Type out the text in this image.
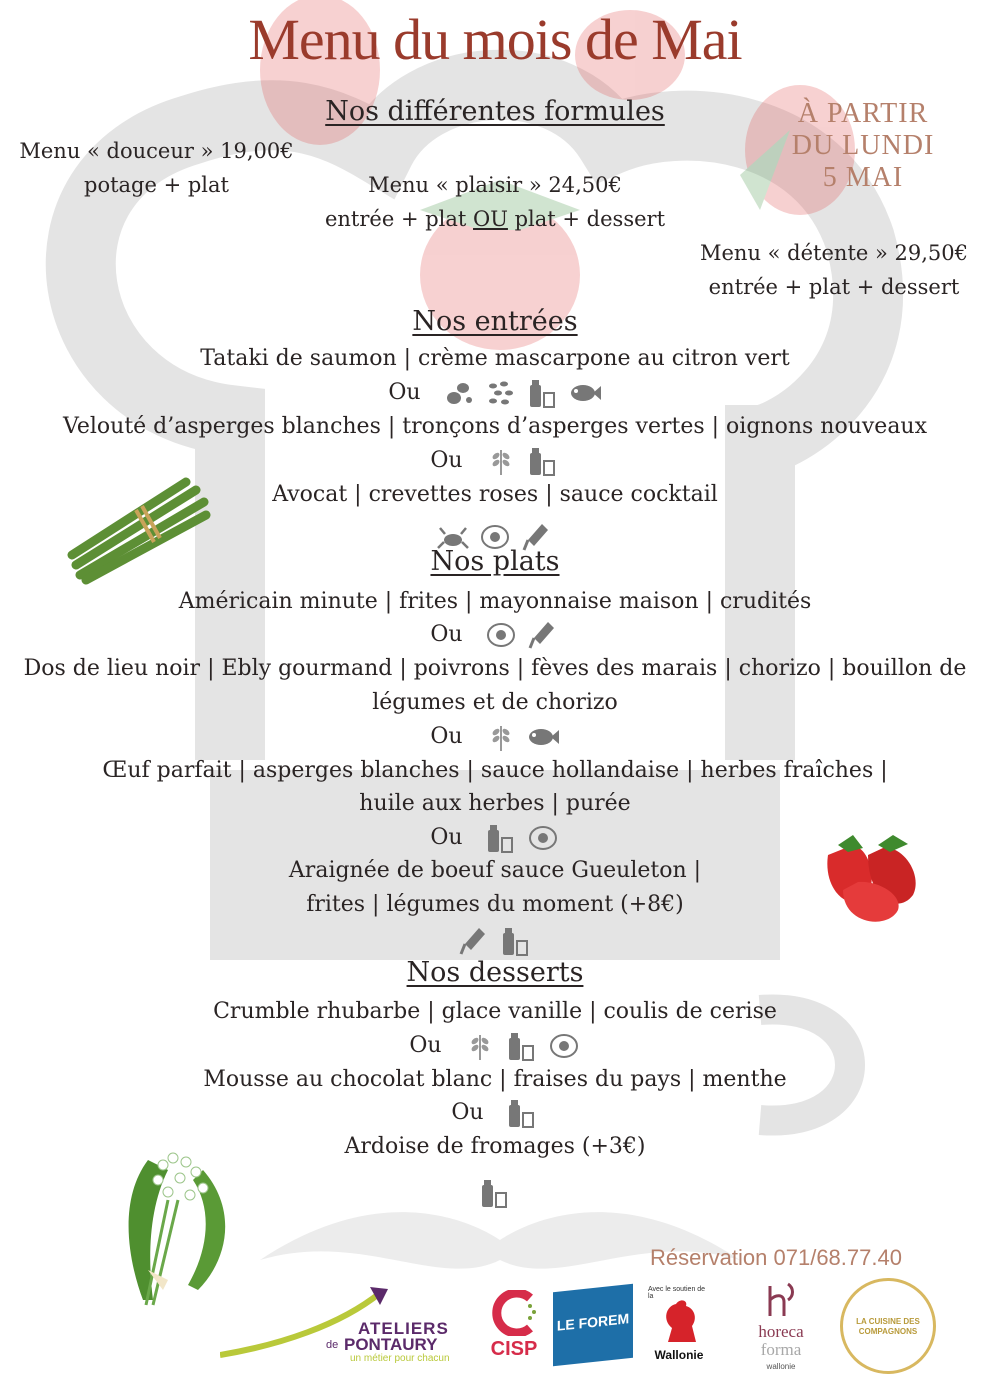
Menu du mois de Mai
Nos différentes formules	À PARTIR
DU LUNDI
5 MAI
Menu « douceur » 19,00€
potage + plat	Menu « plaisir » 24,50€
entrée + plat OU plat + dessert
Menu « détente » 29,50€
entrée + plat + dessert
Nos entrées
Tataki de saumon | crème mascarpone au citron vert
Ou
Velouté d’asperges blanches | tronçons d’asperges vertes | oignons nouveaux
Ou
Avocat | crevettes roses | sauce cocktail
Nos plats
Américain minute | frites | mayonnaise maison | crudités
Ou
Dos de lieu noir | Ebly gourmand | poivrons | fèves des marais | chorizo | bouillon de
légumes et de chorizo
Ou
Œuf parfait | asperges blanches | sauce hollandaise | herbes fraîches |
huile aux herbes | purée
Ou
Araignée de boeuf sauce Gueuleton |
frites | légumes du moment (+8€)
Nos desserts
Crumble rhubarbe | glace vanille | coulis de cerise
Ou
Mousse au chocolat blanc | fraises du pays | menthe
Ou
Ardoise de fromages (+3€)
Réservation 071/68.77.40
ATELIERS
de PONTAURY
un métier pour chacun	CISP
LE FOREM
Avec le soutien de la
Wallonie
horeca
forma
wallonie
LA CUISINE DES
COMPAGNONS
